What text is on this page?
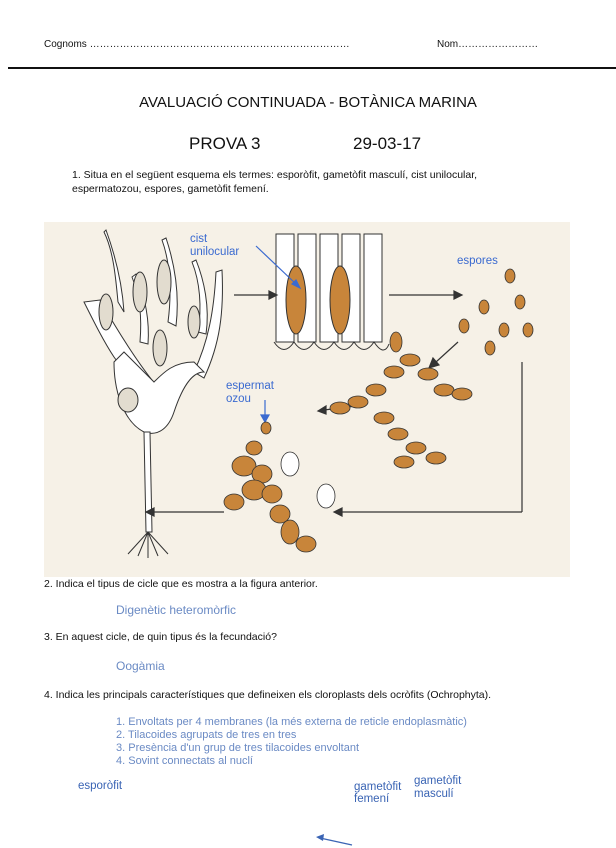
Cognoms ……………………………………………………………………	Nom……………………
AVALUACIÓ CONTINUADA - BOTÀNICA MARINA
PROVA 3	29-03-17
1. Situa en el següent esquema els termes: esporòfit, gametòfit masculí, cist unilocular,
espermatozou, espores, gametòfit femení.
cist
unilocular
espores
espermat
ozou
2. Indica el tipus de cicle que es mostra a la figura anterior.
Digenètic heteromòrfic
3. En aquest cicle, de quin tipus és la fecundació?
Oogàmia
4. Indica les principals característiques que defineixen els cloroplasts dels ocròfits (Ochrophyta).
1. Envoltats per 4 membranes (la més externa de reticle endoplasmàtic)
2. Tilacoides agrupats de tres en tres
3. Presència d'un grup de tres tilacoides envoltant
4. Sovint connectats al nuclí
esporòfit	gametòfit
femení
gametòfit
masculí
